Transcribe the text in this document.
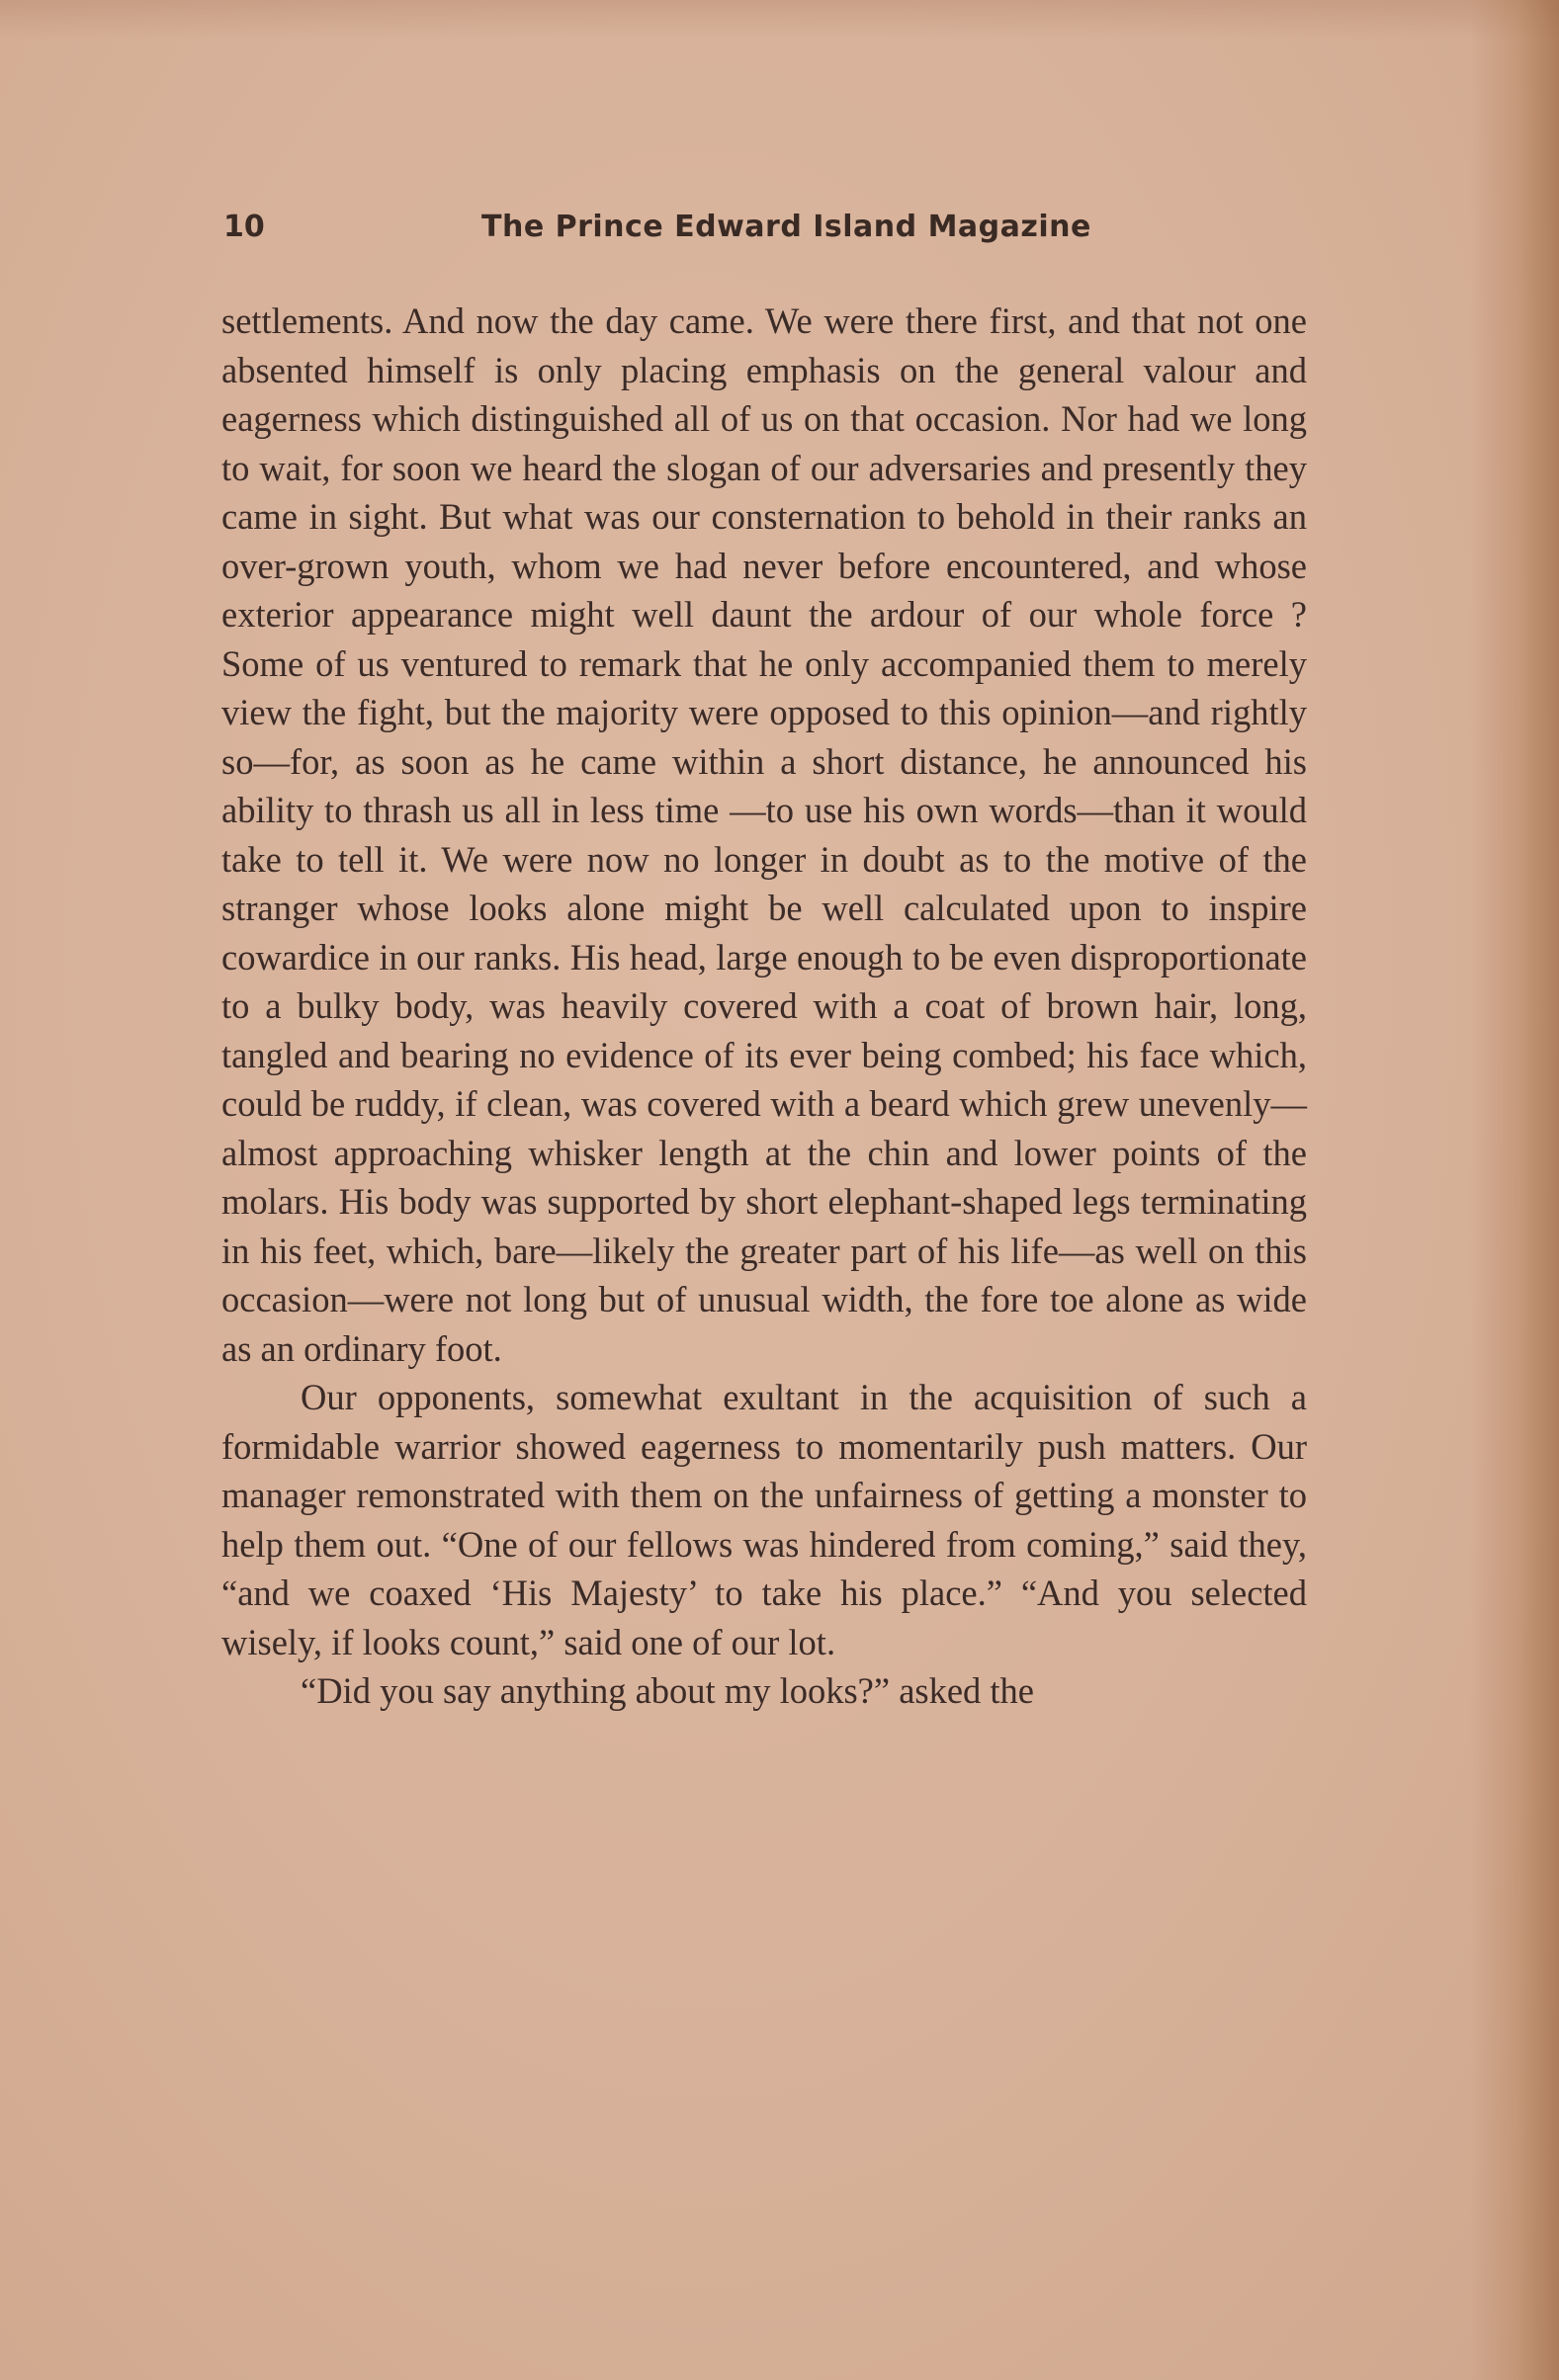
10	The Prince Edward Island Magazine

settlements. And now the day came. We were there first, and that not one absented himself is only placing emphasis on the general valour and eagerness which distinguished all of us on that occasion. Nor had we long to wait, for soon we heard the slogan of our adversaries and presently they came in sight. But what was our consternation to behold in their ranks an over-grown youth, whom we had never before encountered, and whose exterior appearance might well daunt the ardour of our whole force ? Some of us ventured to remark that he only accompanied them to merely view the fight, but the majority were opposed to this opinion—and rightly so—for, as soon as he came within a short distance, he announced his ability to thrash us all in less time —to use his own words—than it would take to tell it. We were now no longer in doubt as to the motive of the stranger whose looks alone might be well calculated upon to inspire cowardice in our ranks. His head, large enough to be even disproportionate to a bulky body, was heavily covered with a coat of brown hair, long, tangled and bearing no evidence of its ever being combed; his face which, could be ruddy, if clean, was covered with a beard which grew unevenly—almost approaching whisker length at the chin and lower points of the molars. His body was supported by short elephant-shaped legs terminating in his feet, which, bare—likely the greater part of his life—as well on this occasion—were not long but of unusual width, the fore toe alone as wide as an ordinary foot.

Our opponents, somewhat exultant in the acquisition of such a formidable warrior showed eagerness to momentarily push matters. Our manager remonstrated with them on the unfairness of getting a monster to help them out. “One of our fellows was hindered from coming,” said they, “and we coaxed ‘His Majesty’ to take his place.” “And you selected wisely, if looks count,” said one of our lot.

“Did you say anything about my looks?” asked the
